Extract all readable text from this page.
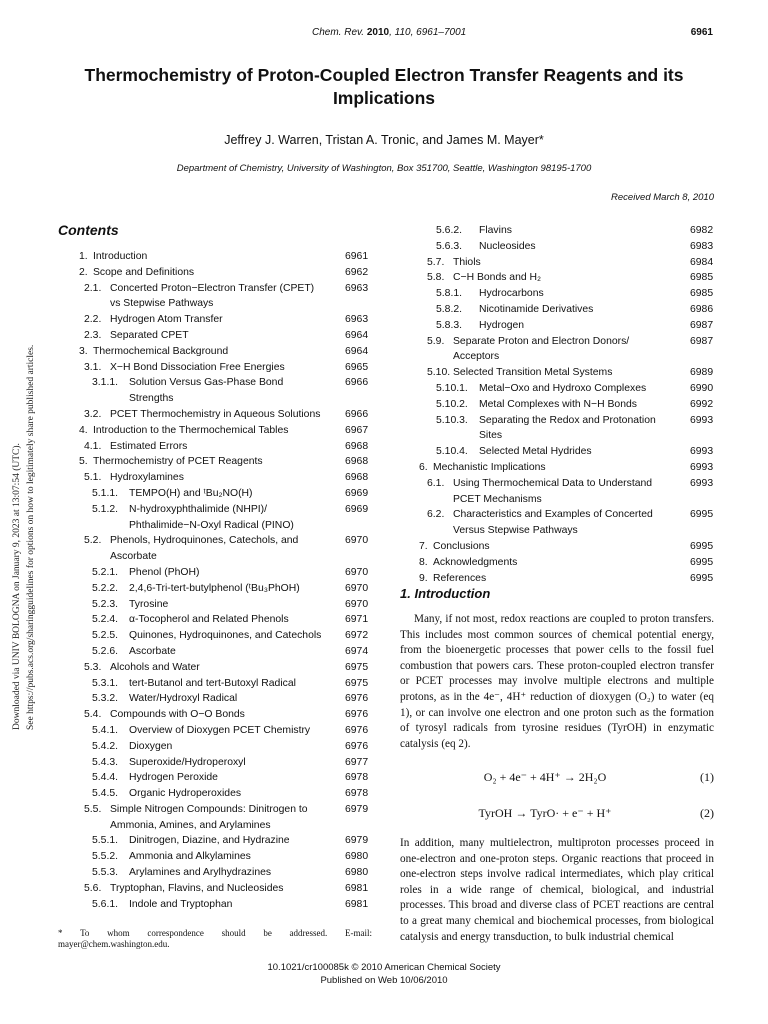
Chem. Rev. 2010, 110, 6961–7001	6961
Thermochemistry of Proton-Coupled Electron Transfer Reagents and its Implications
Jeffrey J. Warren, Tristan A. Tronic, and James M. Mayer*
Department of Chemistry, University of Washington, Box 351700, Seattle, Washington 98195-1700
Received March 8, 2010
Downloaded via UNIV BOLOGNA on January 9, 2023 at 13:07:54 (UTC). See https://pubs.acs.org/sharingguidelines for options on how to legitimately share published articles.
Contents
1. Introduction	6961
2. Scope and Definitions	6962
2.1. Concerted Proton−Electron Transfer (CPET)
vs Stepwise Pathways
6963
2.2. Hydrogen Atom Transfer	6963
2.3. Separated CPET	6964
3. Thermochemical Background	6964
3.1. X−H Bond Dissociation Free Energies	6965
3.1.1. Solution Versus Gas-Phase Bond
Strengths
6966
3.2. PCET Thermochemistry in Aqueous Solutions 6966
4. Introduction to the Thermochemical Tables	6967
4.1. Estimated Errors	6968
5. Thermochemistry of PCET Reagents	6968
5.1. Hydroxylamines	6968
5.1.1. TEMPO(H) and ᵗBu₂NO(H)	6969
5.1.2. N-hydroxyphthalimide (NHPI)/
Phthalimide−N-Oxyl Radical (PINO)
6969
5.2. Phenols, Hydroquinones, Catechols, and
Ascorbate
6970
5.2.1. Phenol (PhOH)	6970
5.2.2. 2,4,6-Tri-tert-butylphenol (ᵗBu₃PhOH)	6970
5.2.3. Tyrosine	6970
5.2.4. α-Tocopherol and Related Phenols	6971
5.2.5. Quinones, Hydroquinones, and Catechols 6972
5.2.6. Ascorbate	6974
5.3. Alcohols and Water	6975
5.3.1. tert-Butanol and tert-Butoxyl Radical	6975
5.3.2. Water/Hydroxyl Radical	6976
5.4. Compounds with O−O Bonds	6976
5.4.1. Overview of Dioxygen PCET Chemistry	6976
5.4.2. Dioxygen	6976
5.4.3. Superoxide/Hydroperoxyl	6977
5.4.4. Hydrogen Peroxide	6978
5.4.5. Organic Hydroperoxides	6978
5.5. Simple Nitrogen Compounds: Dinitrogen to
Ammonia, Amines, and Arylamines
6979
5.5.1. Dinitrogen, Diazine, and Hydrazine	6979
5.5.2. Ammonia and Alkylamines	6980
5.5.3. Arylamines and Arylhydrazines	6980
5.6. Tryptophan, Flavins, and Nucleosides	6981
5.6.1. Indole and Tryptophan	6981
5.6.2. Flavins	6982
5.6.3. Nucleosides	6983
5.7. Thiols	6984
5.8. C−H Bonds and H₂	6985
5.8.1. Hydrocarbons	6985
5.8.2. Nicotinamide Derivatives	6986
5.8.3. Hydrogen	6987
5.9. Separate Proton and Electron Donors/
Acceptors
6987
5.10. Selected Transition Metal Systems	6989
5.10.1. Metal−Oxo and Hydroxo Complexes	6990
5.10.2. Metal Complexes with N−H Bonds	6992
5.10.3. Separating the Redox and Protonation
Sites
6993
5.10.4. Selected Metal Hydrides	6993
6. Mechanistic Implications	6993
6.1. Using Thermochemical Data to Understand
PCET Mechanisms
6993
6.2. Characteristics and Examples of Concerted
Versus Stepwise Pathways
6995
7. Conclusions	6995
8. Acknowledgments	6995
9. References	6995
1. Introduction
Many, if not most, redox reactions are coupled to proton transfers. This includes most common sources of chemical potential energy, from the bioenergetic processes that power cells to the fossil fuel combustion that powers cars. These proton-coupled electron transfer or PCET processes may involve multiple electrons and multiple protons, as in the 4e⁻, 4H⁺ reduction of dioxygen (O₂) to water (eq 1), or can involve one electron and one proton such as the formation of tyrosyl radicals from tyrosine residues (TyrOH) in enzymatic catalysis (eq 2).
O₂ + 4e⁻ + 4H⁺ → 2H₂O	(1)
TyrOH → TyrO· + e⁻ + H⁺	(2)
In addition, many multielectron, multiproton processes proceed in one-electron and one-proton steps. Organic reactions that proceed in one-electron steps involve radical intermediates, which play critical roles in a wide range of chemical, biological, and industrial processes. This broad and diverse class of PCET reactions are central to a great many chemical and biochemical processes, from biological catalysis and energy transduction, to bulk industrial chemical
* To whom correspondence should be addressed. E-mail: mayer@chem.washington.edu.
10.1021/cr100085k © 2010 American Chemical Society
Published on Web 10/06/2010
